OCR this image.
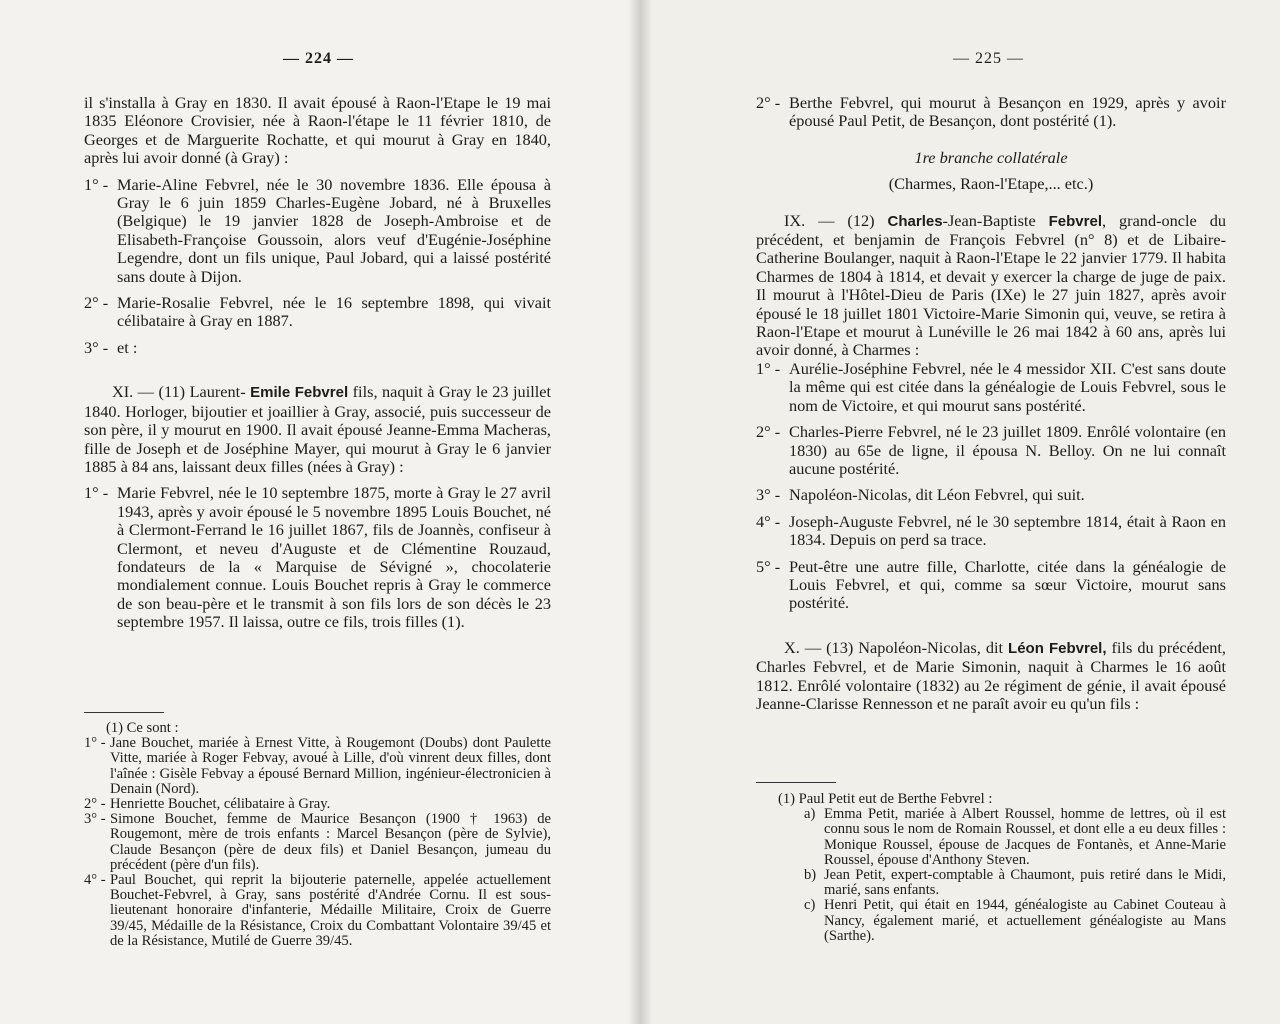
— 224 —

il s'installa à Gray en 1830. Il avait épousé à Raon-l'Etape le 19 mai 1835 Eléonore Crovisier, née à Raon-l'étape le 11 février 1810, de Georges et de Marguerite Rochatte, et qui mourut à Gray en 1840, après lui avoir donné (à Gray) :

1° - Marie-Aline Febvrel, née le 30 novembre 1836. Elle épousa à Gray le 6 juin 1859 Charles-Eugène Jobard, né à Bruxelles (Belgique) le 19 janvier 1828 de Joseph-Ambroise et de Elisabeth-Françoise Goussoin, alors veuf d'Eugénie-Joséphine Legendre, dont un fils unique, Paul Jobard, qui a laissé postérité sans doute à Dijon.
2° - Marie-Rosalie Febvrel, née le 16 septembre 1898, qui vivait célibataire à Gray en 1887.
3° - et :

XI. — (11) Laurent- Emile Febvrel fils, naquit à Gray le 23 juillet 1840. Horloger, bijoutier et joaillier à Gray, associé, puis successeur de son père, il y mourut en 1900. Il avait épousé Jeanne-Emma Macheras, fille de Joseph et de Joséphine Mayer, qui mourut à Gray le 6 janvier 1885 à 84 ans, laissant deux filles (nées à Gray) :

1° - Marie Febvrel, née le 10 septembre 1875, morte à Gray le 27 avril 1943, après y avoir épousé le 5 novembre 1895 Louis Bouchet, né à Clermont-Ferrand le 16 juillet 1867, fils de Joannès, confiseur à Clermont, et neveu d'Auguste et de Clémentine Rouzaud, fondateurs de la « Marquise de Sévigné », chocolaterie mondialement connue. Louis Bouchet repris à Gray le commerce de son beau-père et le transmit à son fils lors de son décès le 23 septembre 1957. Il laissa, outre ce fils, trois filles (1).

(1) Ce sont :

1° - Jane Bouchet, mariée à Ernest Vitte, à Rougemont (Doubs) dont Paulette Vitte, mariée à Roger Febvay, avoué à Lille, d'où vinrent deux filles, dont l'aînée : Gisèle Febvay a épousé Bernard Million, ingénieur-électronicien à Denain (Nord).
2° - Henriette Bouchet, célibataire à Gray.
3° - Simone Bouchet, femme de Maurice Besançon (1900 † 1963) de Rougemont, mère de trois enfants : Marcel Besançon (père de Sylvie), Claude Besançon (père de deux fils) et Daniel Besançon, jumeau du précédent (père d'un fils).
4° - Paul Bouchet, qui reprit la bijouterie paternelle, appelée actuellement Bouchet-Febvrel, à Gray, sans postérité d'Andrée Cornu. Il est sous-lieutenant honoraire d'infanterie, Médaille Militaire, Croix de Guerre 39/45, Médaille de la Résistance, Croix du Combattant Volontaire 39/45 et de la Résistance, Mutilé de Guerre 39/45.
— 225 —
2° - Berthe Febvrel, qui mourut à Besançon en 1929, après y avoir épousé Paul Petit, de Besançon, dont postérité (1).

1re branche collatérale

(Charmes, Raon-l'Etape,... etc.)

IX. — (12) Charles-Jean-Baptiste Febvrel, grand-oncle du précédent, et benjamin de François Febvrel (n° 8) et de Libaire-Catherine Boulanger, naquit à Raon-l'Etape le 22 janvier 1779. Il habita Charmes de 1804 à 1814, et devait y exercer la charge de juge de paix. Il mourut à l'Hôtel-Dieu de Paris (IXe) le 27 juin 1827, après avoir épousé le 18 juillet 1801 Victoire-Marie Simonin qui, veuve, se retira à Raon-l'Etape et mourut à Lunéville le 26 mai 1842 à 60 ans, après lui avoir donné, à Charmes :

1° - Aurélie-Joséphine Febvrel, née le 4 messidor XII. C'est sans doute la même qui est citée dans la généalogie de Louis Febvrel, sous le nom de Victoire, et qui mourut sans postérité.
2° - Charles-Pierre Febvrel, né le 23 juillet 1809. Enrôlé volontaire (en 1830) au 65e de ligne, il épousa N. Belloy. On ne lui connaît aucune postérité.
3° - Napoléon-Nicolas, dit Léon Febvrel, qui suit.
4° - Joseph-Auguste Febvrel, né le 30 septembre 1814, était à Raon en 1834. Depuis on perd sa trace.
5° - Peut-être une autre fille, Charlotte, citée dans la généalogie de Louis Febvrel, et qui, comme sa sœur Victoire, mourut sans postérité.

X. — (13) Napoléon-Nicolas, dit Léon Febvrel, fils du précédent, Charles Febvrel, et de Marie Simonin, naquit à Charmes le 16 août 1812. Enrôlé volontaire (1832) au 2e régiment de génie, il avait épousé Jeanne-Clarisse Rennesson et ne paraît avoir eu qu'un fils :

(1) Paul Petit eut de Berthe Febvrel :

a) Emma Petit, mariée à Albert Roussel, homme de lettres, où il est connu sous le nom de Romain Roussel, et dont elle a eu deux filles : Monique Roussel, épouse de Jacques de Fontanès, et Anne-Marie Roussel, épouse d'Anthony Steven.
b) Jean Petit, expert-comptable à Chaumont, puis retiré dans le Midi, marié, sans enfants.
c) Henri Petit, qui était en 1944, généalogiste au Cabinet Couteau à Nancy, également marié, et actuellement généalogiste au Mans (Sarthe).
